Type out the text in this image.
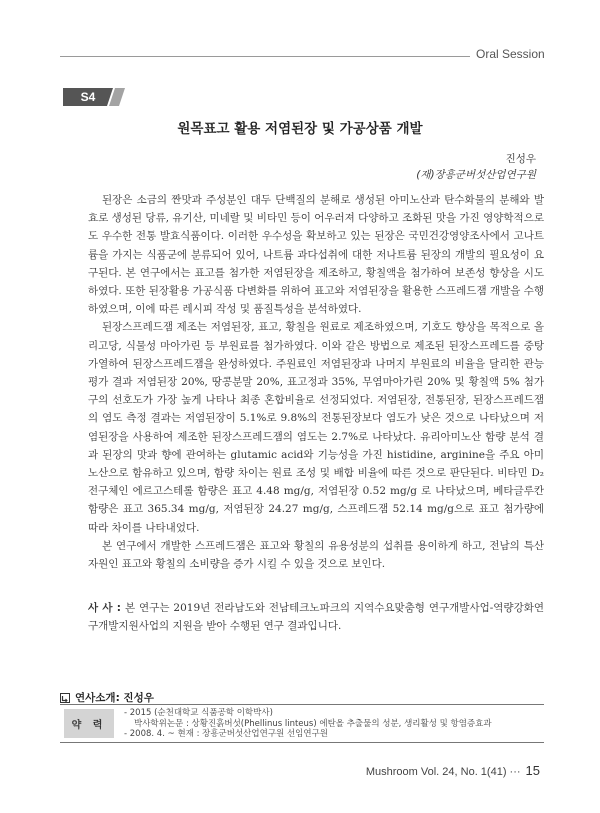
Oral Session
S4
원목표고 활용 저염된장 및 가공상품 개발
진성우
(재)장흥군버섯산업연구원

된장은 소금의 짠맛과 주성분인 대두 단백질의 분해로 생성된 아미노산과 탄수화물의 분해와 발효로 생성된 당류, 유기산, 미네랄 및 비타민 등이 어우러져 다양하고 조화된 맛을 가진 영양학적으로도 우수한 전통 발효식품이다. 이러한 우수성을 확보하고 있는 된장은 국민건강영양조사에서 고나트륨을 가지는 식품군에 분류되어 있어, 나트륨 과다섭취에 대한 저나트륨 된장의 개발의 필요성이 요구된다. 본 연구에서는 표고를 첨가한 저염된장을 제조하고, 황칠액을 첨가하여 보존성 향상을 시도하였다. 또한 된장활용 가공식품 다변화를 위하여 표고와 저염된장을 활용한 스프레드잼 개발을 수행하였으며, 이에 따른 레시피 작성 및 품질특성을 분석하였다.

된장스프레드잼 제조는 저염된장, 표고, 황칠을 원료로 제조하였으며, 기호도 향상을 목적으로 올리고당, 식물성 마아가린 등 부원료를 첨가하였다. 이와 같은 방법으로 제조된 된장스프레드를 중탕 가열하여 된장스프레드잼을 완성하였다. 주원료인 저염된장과 나머지 부원료의 비율을 달리한 관능평가 결과 저염된장 20%, 땅콩분말 20%, 표고정과 35%, 무염마아가린 20% 및 황칠액 5% 첨가구의 선호도가 가장 높게 나타나 최종 혼합비율로 선정되었다. 저염된장, 전통된장, 된장스프레드잼의 염도 측정 결과는 저염된장이 5.1%로 9.8%의 전통된장보다 염도가 낮은 것으로 나타났으며 저염된장을 사용하여 제조한 된장스프레드잼의 염도는 2.7%로 나타났다. 유리아미노산 함량 분석 결과 된장의 맛과 향에 관여하는 glutamic acid와 기능성을 가진 histidine, arginine을 주요 아미노산으로 함유하고 있으며, 함량 차이는 원료 조성 및 배합 비율에 따른 것으로 판단된다. 비타민 D₂ 전구체인 에르고스테롤 함량은 표고 4.48 mg/g, 저염된장 0.52 mg/g 로 나타났으며, 베타글루칸 함량은 표고 365.34 mg/g, 저염된장 24.27 mg/g, 스프레드잼 52.14 mg/g으로 표고 첨가량에 따라 차이를 나타내었다.

본 연구에서 개발한 스프레드잼은 표고와 황칠의 유용성분의 섭취를 용이하게 하고, 전남의 특산자원인 표고와 황칠의 소비량을 증가 시킬 수 있을 것으로 보인다.

사 사 : 본 연구는 2019년 전라남도와 전남테크노파크의 지역수요맞춤형 연구개발사업-역량강화연구개발지원사업의 지원을 받아 수행된 연구 결과입니다.

연사소개: 진성우
약 력
- 2015 (순천대학교 식품공학 이학박사)
박사학위논문 : 상황진흙버섯(Phellinus linteus) 에탄올 추출물의 성분, 생리활성 및 항염증효과
- 2008. 4. ~ 현재 : 장흥군버섯산업연구원 선임연구원
Mushroom Vol. 24, No. 1(41) ··· 15
